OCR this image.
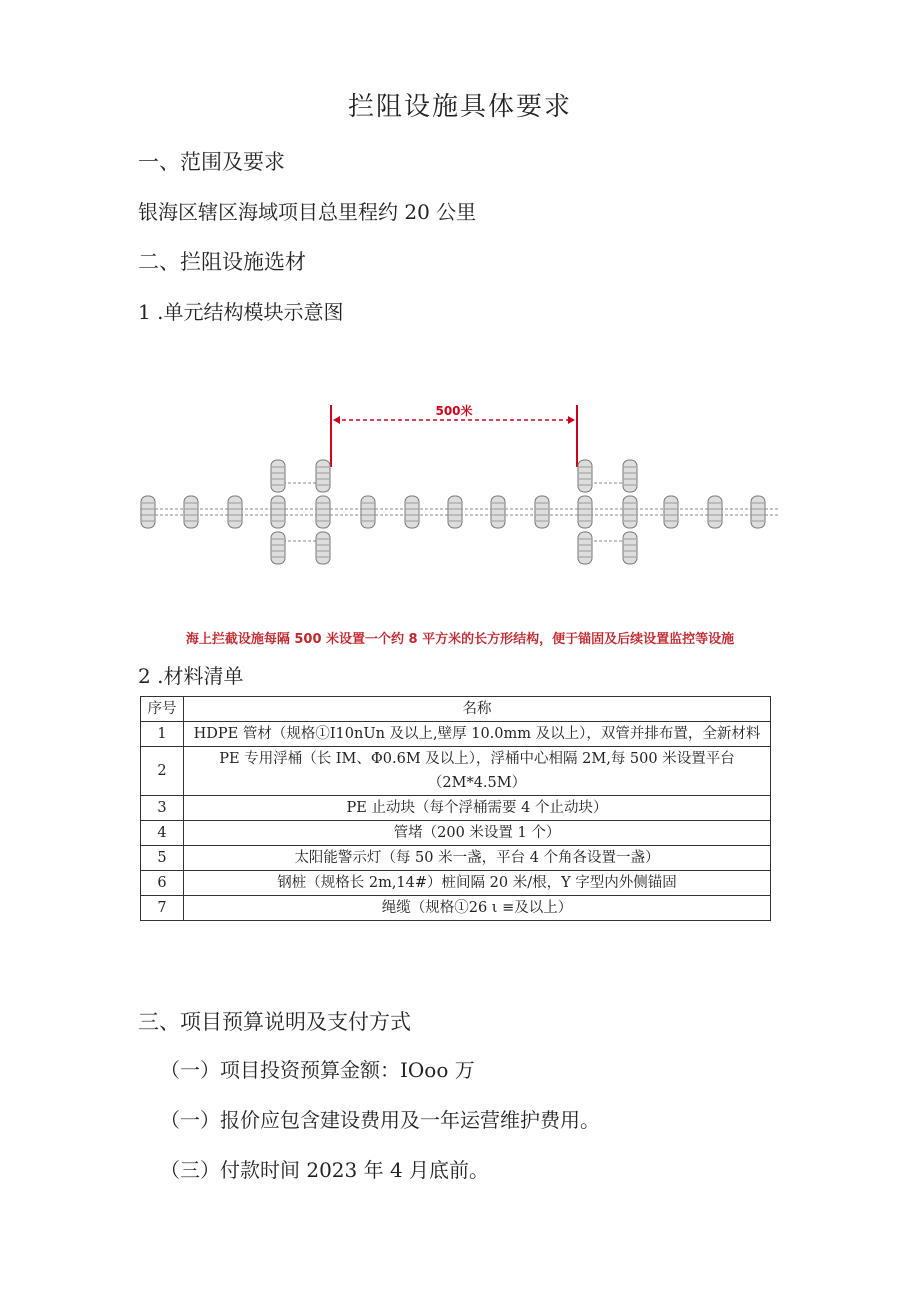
拦阻设施具体要求
一、范围及要求
银海区辖区海域项目总里程约 20 公里
二、拦阻设施选材
1 .单元结构模块示意图
500米
海上拦截设施每隔 500 米设置一个约 8 平方米的长方形结构，便于锚固及后续设置监控等设施
2 .材料清单
序号	名称
1	HDPE 管材（规格①I10nUn 及以上,壁厚 10.0mm 及以上），双管并排布置，全新材料
2	PE 专用浮桶（长 IM、Φ0.6M 及以上），浮桶中心相隔 2M,每 500 米设置平台（2M*4.5M）
3	PE 止动块（每个浮桶需要 4 个止动块）
4	管堵（200 米设置 1 个）
5	太阳能警示灯（每 50 米一盏，平台 4 个角各设置一盏）
6	钢桩（规格长 2m,14#）桩间隔 20 米/根，Y 字型内外侧锚固
7	绳缆（规格①26 ι ≡及以上）
三、项目预算说明及支付方式
（一）项目投资预算金额：IOoo 万
（一）报价应包含建设费用及一年运营维护费用。
（三）付款时间 2023 年 4 月底前。
